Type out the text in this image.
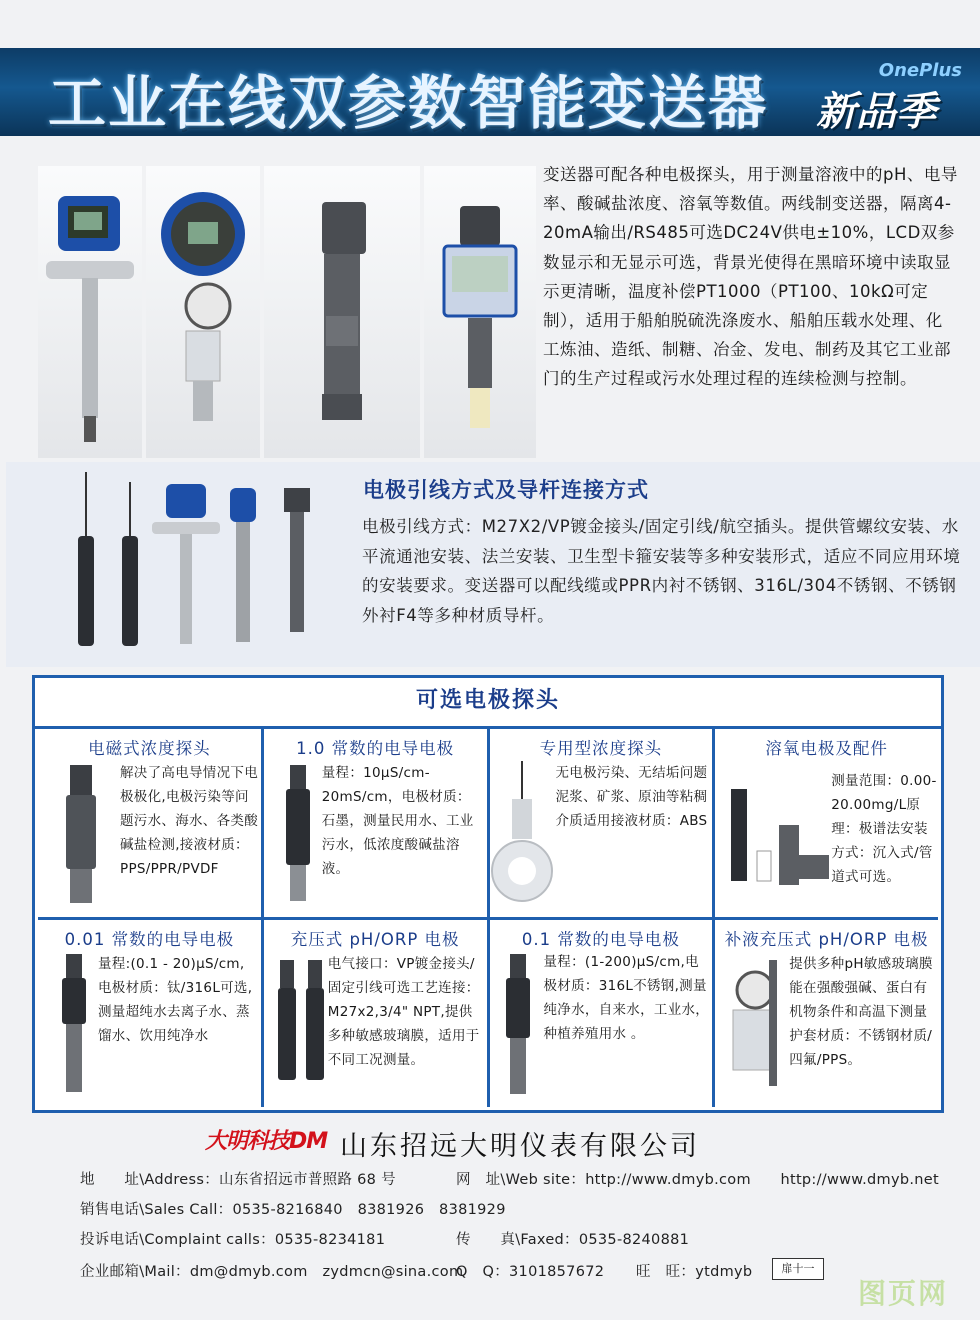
工业在线双参数智能变送器	OnePlus
新品季
变送器可配各种电极探头，用于测量溶液中的pH、电导率、酸碱盐浓度、溶氧等数值。两线制变送器，隔离4-20mA输出/RS485可选DC24V供电±10%，LCD双参数显示和无显示可选，背景光使得在黑暗环境中读取显示更清晰，温度补偿PT1000（PT100、10kΩ可定制），适用于船舶脱硫洗涤废水、船舶压载水处理、化工炼油、造纸、制糖、冶金、发电、制药及其它工业部门的生产过程或污水处理过程的连续检测与控制。
电极引线方式及导杆连接方式
电极引线方式：M27X2/VP镀金接头/固定引线/航空插头。提供管螺纹安装、水平流通池安装、法兰安装、卫生型卡箍安装等多种安装形式，适应不同应用环境的安装要求。变送器可以配线缆或PPR内衬不锈钢、316L/304不锈钢、不锈钢外衬F4等多种材质导杆。
可选电极探头
电磁式浓度探头
解决了高电导情况下电极极化,电极污染等问题污水、海水、各类酸碱盐检测,接液材质：PPS/PPR/PVDF
1.0 常数的电导电极
量程：10μS/cm-20mS/cm，电极材质：石墨，测量民用水、工业污水，低浓度酸碱盐溶液。
专用型浓度探头
无电极污染、无结垢问题泥浆、矿浆、原油等粘稠介质适用接液材质：ABS
溶氧电极及配件
测量范围：0.00-20.00mg/L原理：极谱法安装方式：沉入式/管道式可选。
0.01 常数的电导电极
量程:(0.1 - 20)μS/cm,电极材质：钛/316L可选,测量超纯水去离子水、蒸馏水、饮用纯净水
充压式 pH/ORP 电极
电气接口：VP镀金接头/固定引线可选工艺连接：M27x2,3/4" NPT,提供多种敏感玻璃膜，适用于不同工况测量。
0.1 常数的电导电极
量程：(1-200)μS/cm,电极材质：316L不锈钢,测量纯净水，自来水，工业水，种植养殖用水 。
补液充压式 pH/ORP 电极
提供多种pH敏感玻璃膜能在强酸强碱、蛋白有机物条件和高温下测量护套材质：不锈钢材质/四氟/PPS。
大明科技DM 山东招远大明仪表有限公司
地　　址\Address：山东省招远市普照路 68 号	网　址\Web site：http://www.dmyb.com　　http://www.dmyb.net
销售电话\Sales Call：0535-8216840　8381926　8381929
投诉电话\Complaint calls：0535-8234181	传　　真\Faxed：0535-8240881
企业邮箱\Mail：dm@dmyb.com　zydmcn@sina.com
Q　Q：3101857672 旺　旺：ytdmyb	扉十一
图页网
